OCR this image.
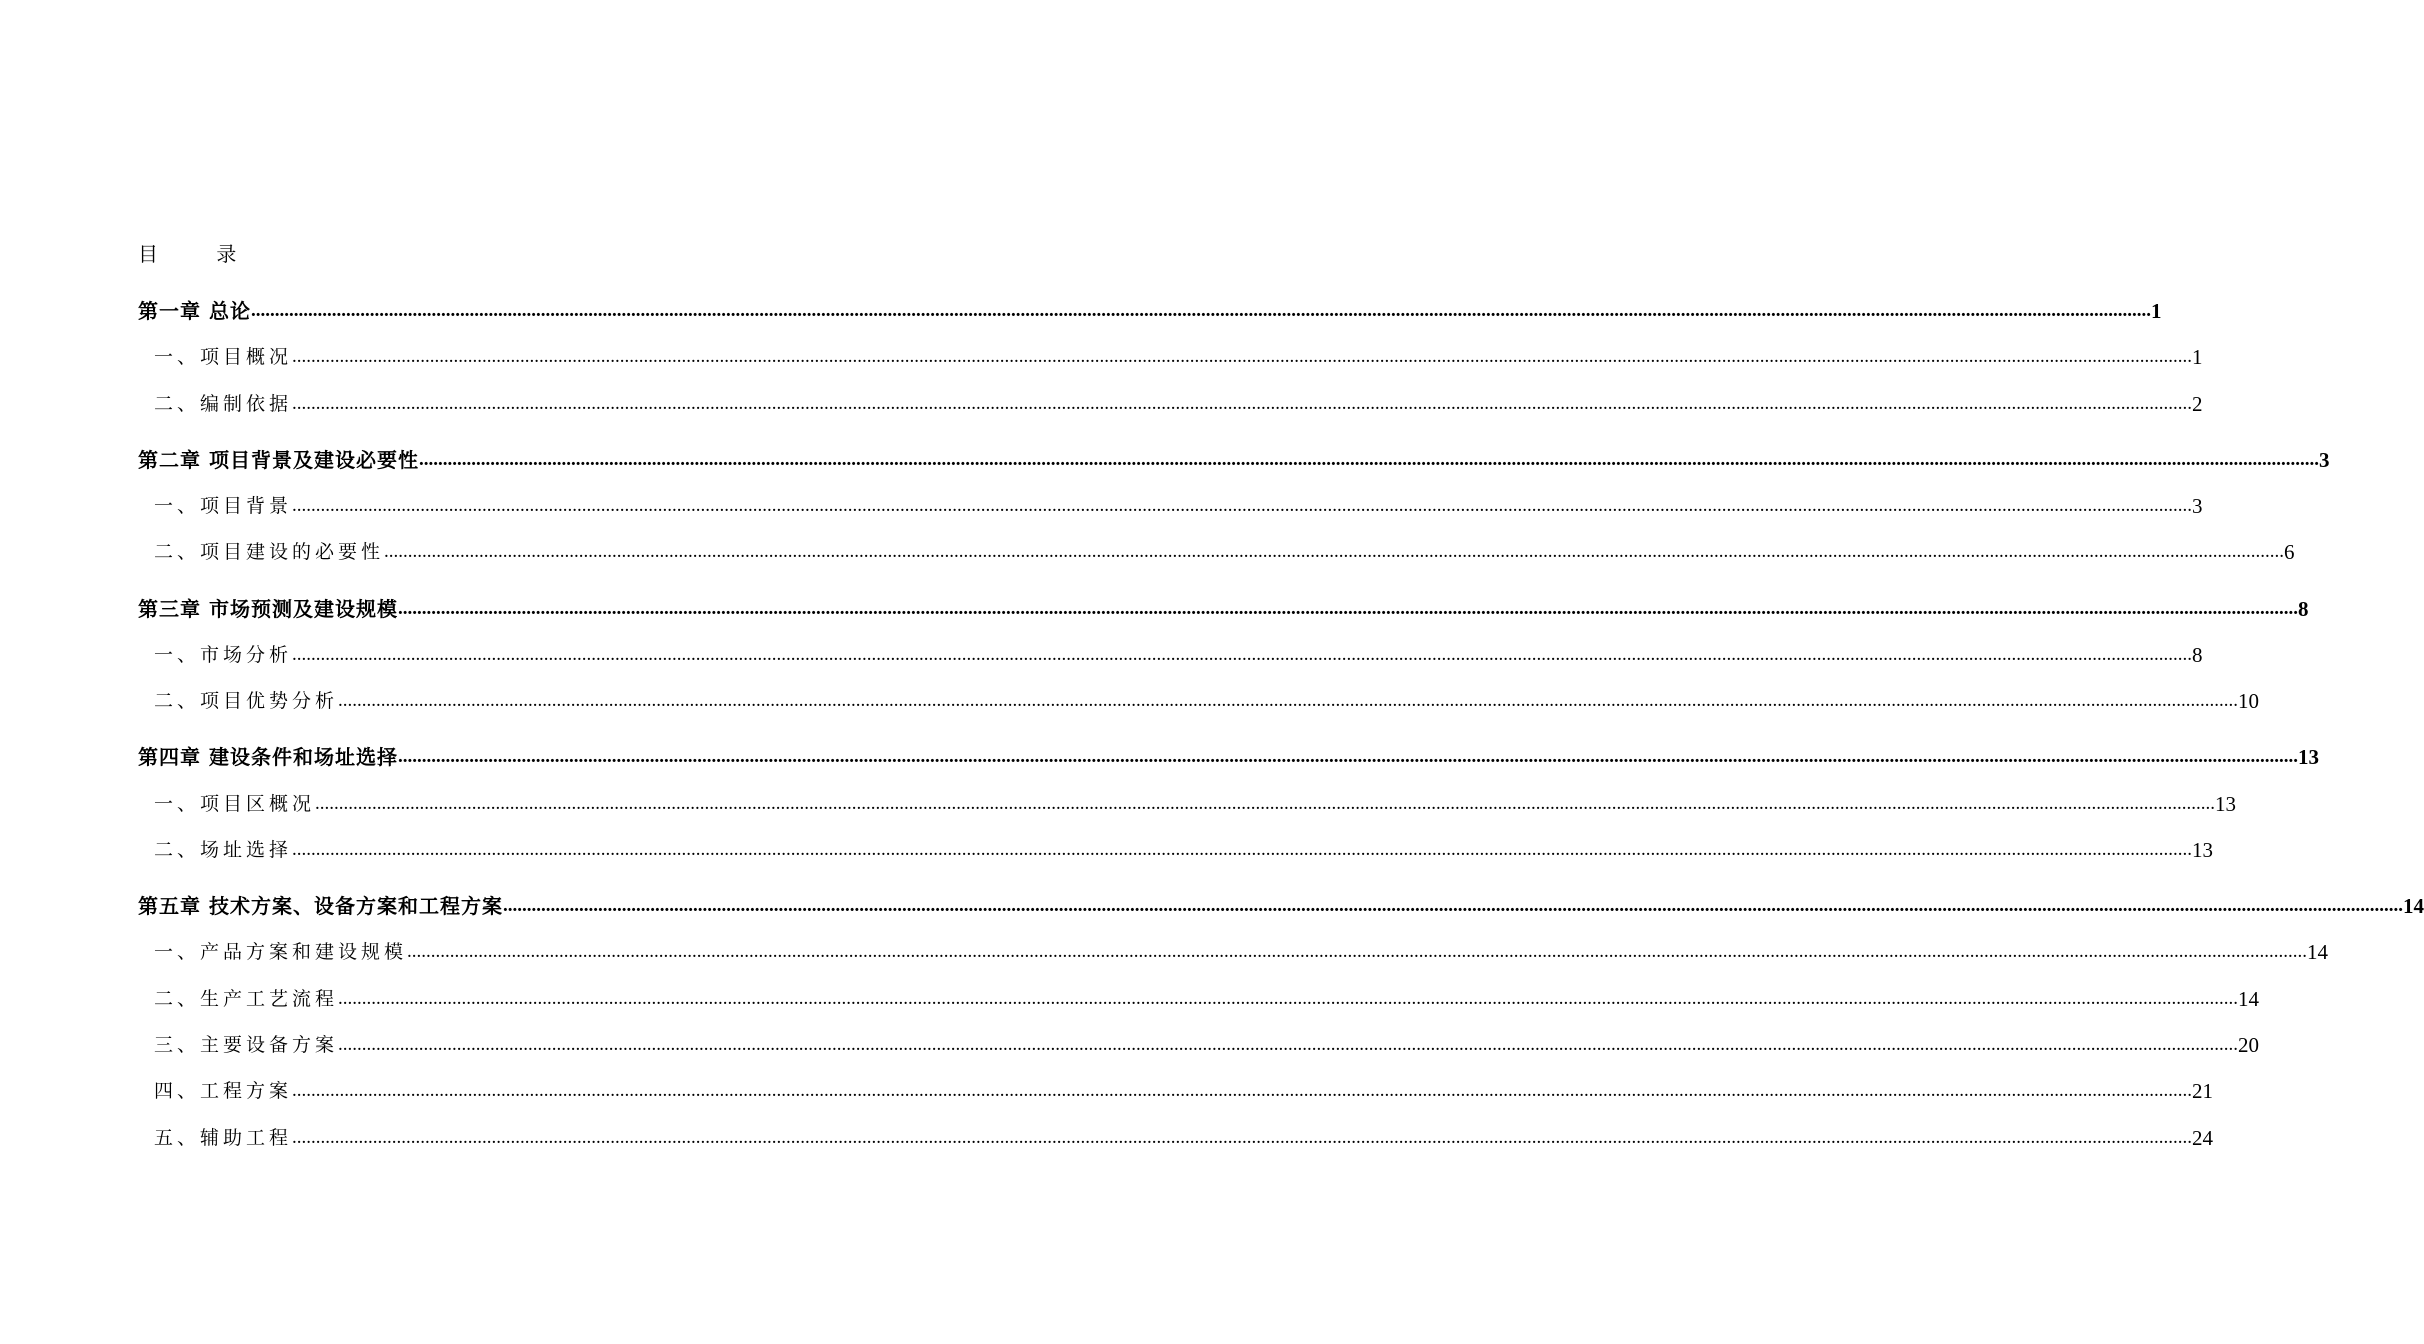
目 录
第一章 总论 ................................................................................................................................................................................................................................................................................................................................................................................................................ 1
一、项目概况 ................................................................................................................................................................................................................................................................................................................................................................................................................ 1
二、编制依据 ................................................................................................................................................................................................................................................................................................................................................................................................................ 2
第二章 项目背景及建设必要性 ................................................................................................................................................................................................................................................................................................................................................................................................................ 3
一、项目背景 ................................................................................................................................................................................................................................................................................................................................................................................................................ 3
二、项目建设的必要性 ................................................................................................................................................................................................................................................................................................................................................................................................................ 6
第三章 市场预测及建设规模 ................................................................................................................................................................................................................................................................................................................................................................................................................ 8
一、市场分析 ................................................................................................................................................................................................................................................................................................................................................................................................................ 8
二、项目优势分析 ................................................................................................................................................................................................................................................................................................................................................................................................................ 10
第四章 建设条件和场址选择 ................................................................................................................................................................................................................................................................................................................................................................................................................ 13
一、项目区概况 ................................................................................................................................................................................................................................................................................................................................................................................................................ 13
二、场址选择 ................................................................................................................................................................................................................................................................................................................................................................................................................ 13
第五章 技术方案、设备方案和工程方案 ................................................................................................................................................................................................................................................................................................................................................................................................................ 14
一、产品方案和建设规模 ................................................................................................................................................................................................................................................................................................................................................................................................................ 14
二、生产工艺流程 ................................................................................................................................................................................................................................................................................................................................................................................................................ 14
三、主要设备方案 ................................................................................................................................................................................................................................................................................................................................................................................................................ 20
四、工程方案 ................................................................................................................................................................................................................................................................................................................................................................................................................ 21
五、辅助工程 ................................................................................................................................................................................................................................................................................................................................................................................................................ 24
